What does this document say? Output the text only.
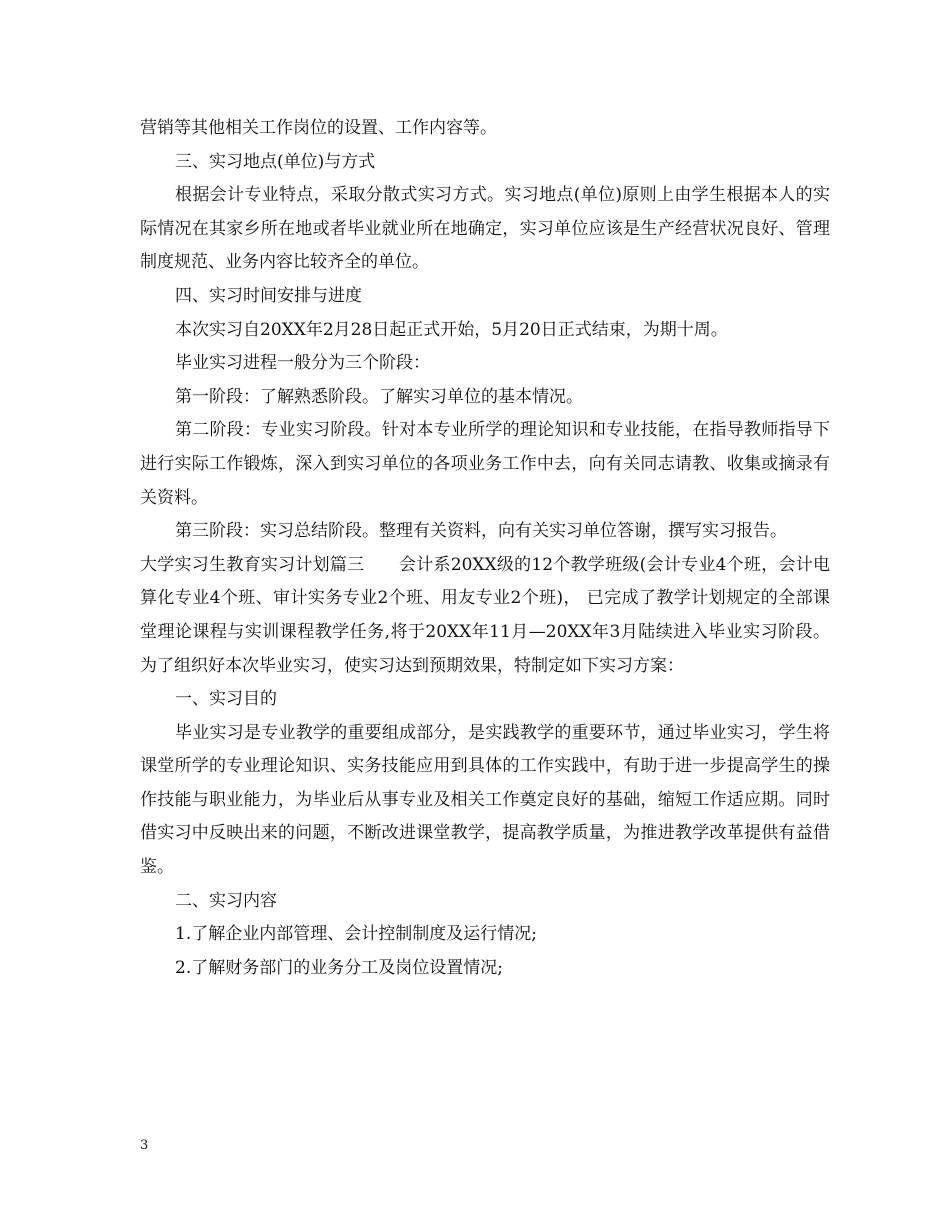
营销等其他相关工作岗位的设置、工作内容等。

三、实习地点(单位)与方式

根据会计专业特点，采取分散式实习方式。实习地点(单位)原则上由学生根据本人的实际情况在其家乡所在地或者毕业就业所在地确定，实习单位应该是生产经营状况良好、管理制度规范、业务内容比较齐全的单位。

四、实习时间安排与进度

本次实习自20XX年2月28日起正式开始，5月20日正式结束，为期十周。

毕业实习进程一般分为三个阶段：

第一阶段：了解熟悉阶段。了解实习单位的基本情况。

第二阶段：专业实习阶段。针对本专业所学的理论知识和专业技能，在指导教师指导下进行实际工作锻炼，深入到实习单位的各项业务工作中去，向有关同志请教、收集或摘录有关资料。

第三阶段：实习总结阶段。整理有关资料，向有关实习单位答谢，撰写实习报告。

大学实习生教育实习计划篇三　　会计系20XX级的12个教学班级(会计专业4个班，会计电算化专业4个班、审计实务专业2个班、用友专业2个班)， 已完成了教学计划规定的全部课堂理论课程与实训课程教学任务,将于20XX年11月—20XX年3月陆续进入毕业实习阶段。为了组织好本次毕业实习，使实习达到预期效果，特制定如下实习方案：

一、实习目的

毕业实习是专业教学的重要组成部分，是实践教学的重要环节，通过毕业实习，学生将课堂所学的专业理论知识、实务技能应用到具体的工作实践中，有助于进一步提高学生的操作技能与职业能力，为毕业后从事专业及相关工作奠定良好的基础，缩短工作适应期。同时借实习中反映出来的问题，不断改进课堂教学，提高教学质量，为推进教学改革提供有益借鉴。

二、实习内容

1.了解企业内部管理、会计控制制度及运行情况;

2.了解财务部门的业务分工及岗位设置情况;

3
